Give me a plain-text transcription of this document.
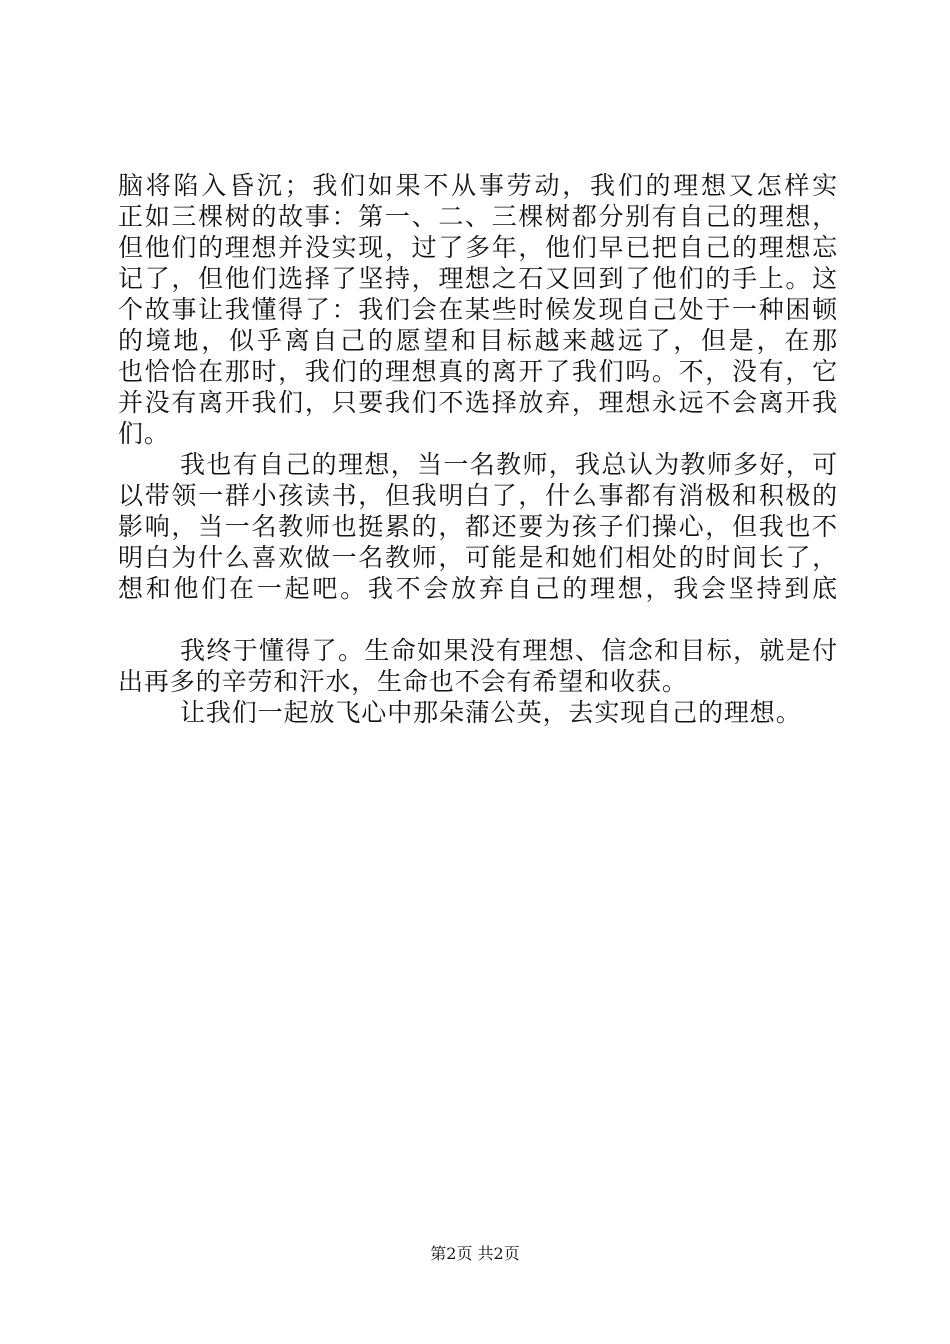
脑将陷入昏沉；我们如果不从事劳动，我们的理想又怎样实
正如三棵树的故事：第一、二、三棵树都分别有自己的理想，
但他们的理想并没实现，过了多年，他们早已把自己的理想忘
记了，但他们选择了坚持，理想之石又回到了他们的手上。这
个故事让我懂得了：我们会在某些时候发现自己处于一种困顿
的境地，似乎离自己的愿望和目标越来越远了，但是，在那
也恰恰在那时，我们的理想真的离开了我们吗。不，没有，它
并没有离开我们，只要我们不选择放弃，理想永远不会离开我
们。
我也有自己的理想，当一名教师，我总认为教师多好，可
以带领一群小孩读书，但我明白了，什么事都有消极和积极的
影响，当一名教师也挺累的，都还要为孩子们操心，但我也不
明白为什么喜欢做一名教师，可能是和她们相处的时间长了，
想和他们在一起吧。我不会放弃自己的理想，我会坚持到底
我终于懂得了。生命如果没有理想、信念和目标，就是付
出再多的辛劳和汗水，生命也不会有希望和收获。
让我们一起放飞心中那朵蒲公英，去实现自己的理想。
第2页 共2页
